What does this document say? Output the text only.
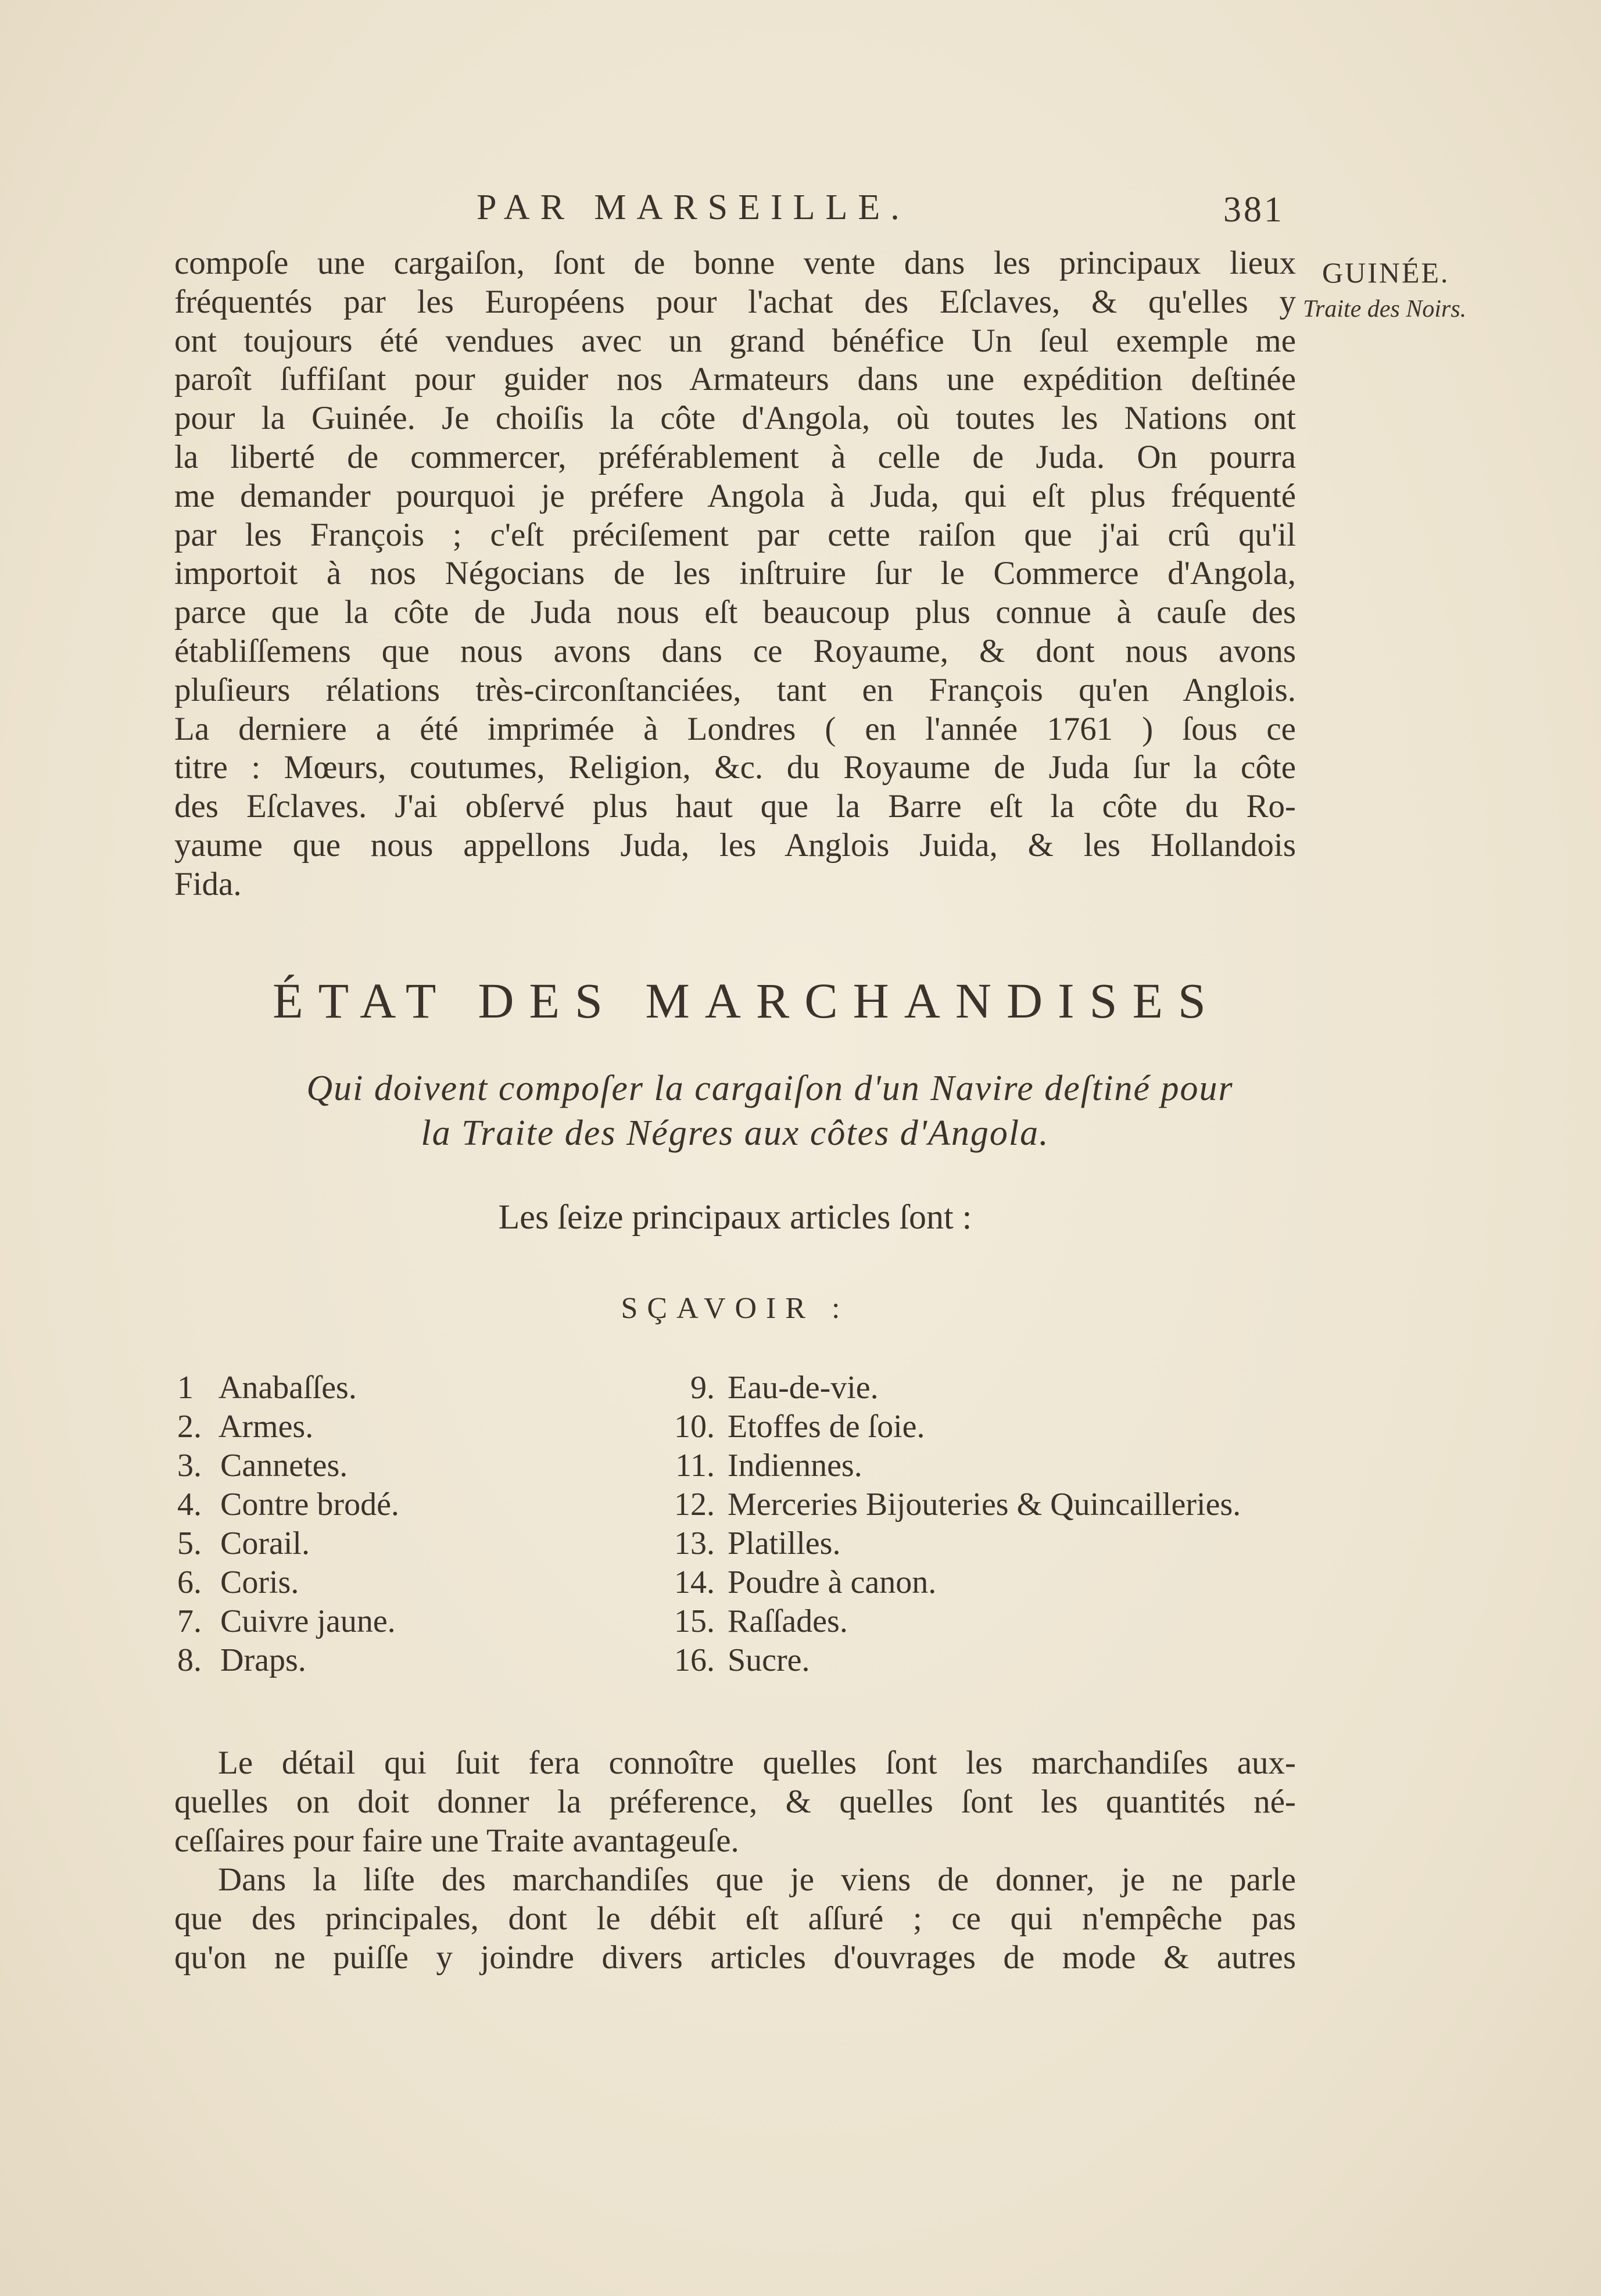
PAR MARSEILLE.	381
GUINÉE.
Traite des Noirs.
compoſe une cargaiſon, ſont de bonne vente dans les principaux lieux
fréquentés par les Européens pour l'achat des Eſclaves, & qu'elles y
ont toujours été vendues avec un grand bénéfice Un ſeul exemple me
paroît ſuffiſant pour guider nos Armateurs dans une expédition deſtinée
pour la Guinée. Je choiſis la côte d'Angola, où toutes les Nations ont
la liberté de commercer, préférablement à celle de Juda. On pourra
me demander pourquoi je préfere Angola à Juda, qui eſt plus fréquenté
par les François ; c'eſt préciſement par cette raiſon que j'ai crû qu'il
importoit à nos Négocians de les inſtruire ſur le Commerce d'Angola,
parce que la côte de Juda nous eſt beaucoup plus connue à cauſe des
établiſſemens que nous avons dans ce Royaume, & dont nous avons
pluſieurs rélations très-circonſtanciées, tant en François qu'en Anglois.
La derniere a été imprimée à Londres ( en l'année 1761 ) ſous ce
titre : Mœurs, coutumes, Religion, &c. du Royaume de Juda ſur la côte
des Eſclaves. J'ai obſervé plus haut que la Barre eſt la côte du Ro-
yaume que nous appellons Juda, les Anglois Juida, & les Hollandois
Fida.
ÉTAT DES MARCHANDISES
Qui doivent compoſer la cargaiſon d'un Navire deſtiné pour
la Traite des Négres aux côtes d'Angola.
Les ſeize principaux articles ſont :
SÇAVOIR :
1 Anabaſſes.
2. Armes.
3. Cannetes.
4. Contre brodé.
5. Corail.
6. Coris.
7. Cuivre jaune.
8. Draps.
9. Eau-de-vie.
10. Etoffes de ſoie.
11. Indiennes.
12. Merceries Bijouteries & Quincailleries.
13. Platilles.
14. Poudre à canon.
15. Raſſades.
16. Sucre.
Le détail qui ſuit fera connoître quelles ſont les marchandiſes aux-
quelles on doit donner la préference, & quelles ſont les quantités né-
ceſſaires pour faire une Traite avantageuſe.
Dans la liſte des marchandiſes que je viens de donner, je ne parle
que des principales, dont le débit eſt aſſuré ; ce qui n'empêche pas
qu'on ne puiſſe y joindre divers articles d'ouvrages de mode & autres
